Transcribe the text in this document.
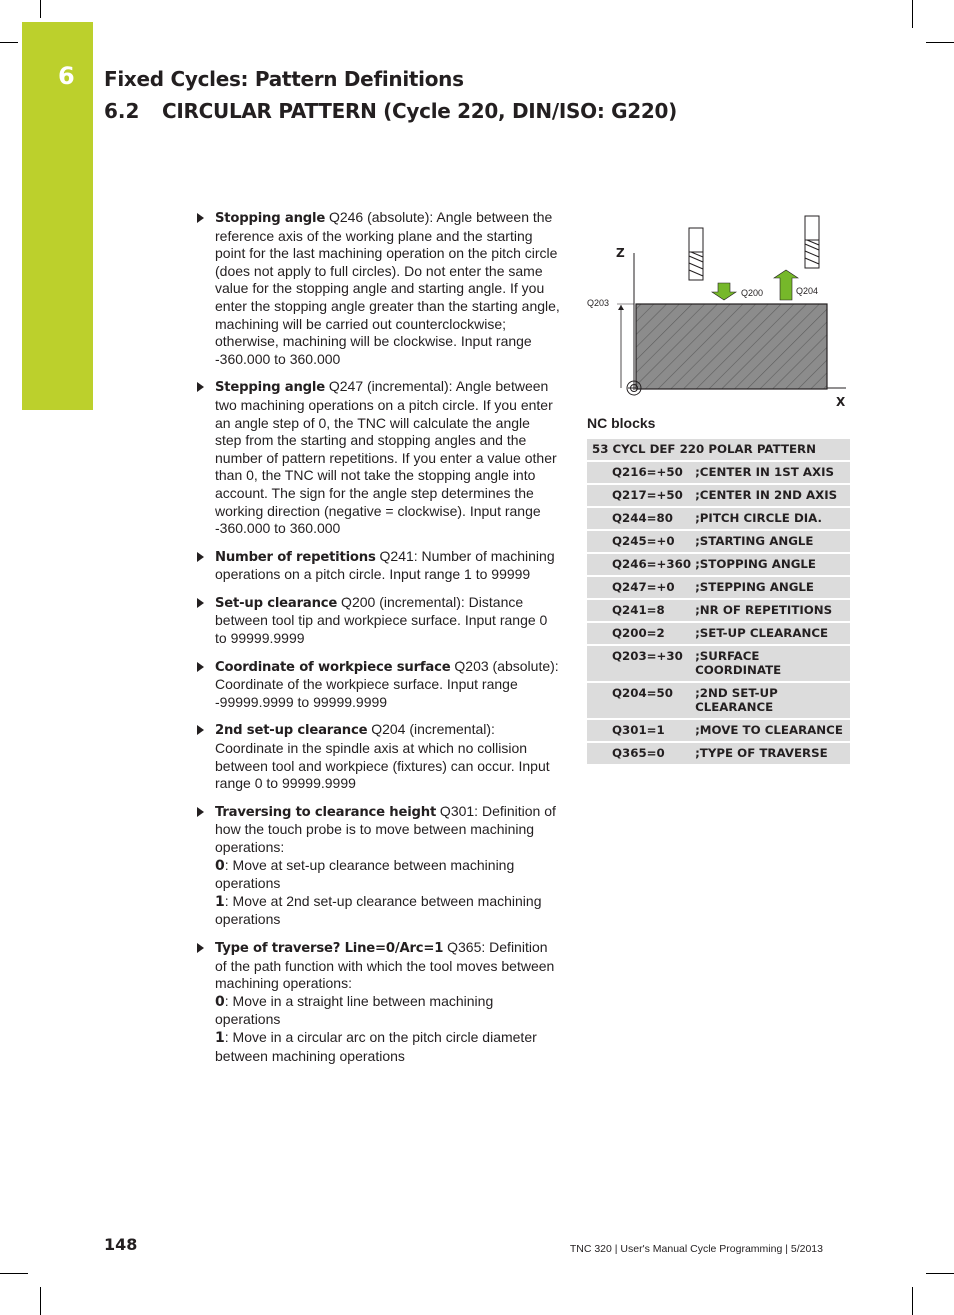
6 Fixed Cycles: Pattern Definitions
6.2 CIRCULAR PATTERN (Cycle 220, DIN/ISO: G220)
Stopping angle Q246 (absolute): Angle between the reference axis of the working plane and the starting point for the last machining operation on the pitch circle (does not apply to full circles). Do not enter the same value for the stopping angle and starting angle. If you enter the stopping angle greater than the starting angle, machining will be carried out counterclockwise; otherwise, machining will be clockwise. Input range -360.000 to 360.000
Stepping angle Q247 (incremental): Angle between two machining operations on a pitch circle. If you enter an angle step of 0, the TNC will calculate the angle step from the starting and stopping angles and the number of pattern repetitions. If you enter a value other than 0, the TNC will not take the stopping angle into account. The sign for the angle step determines the working direction (negative = clockwise). Input range -360.000 to 360.000
Number of repetitions Q241: Number of machining operations on a pitch circle. Input range 1 to 99999
Set-up clearance Q200 (incremental): Distance between tool tip and workpiece surface. Input range 0 to 99999.9999
Coordinate of workpiece surface Q203 (absolute): Coordinate of the workpiece surface. Input range -99999.9999 to 99999.9999
2nd set-up clearance Q204 (incremental): Coordinate in the spindle axis at which no collision between tool and workpiece (fixtures) can occur. Input range 0 to 99999.9999
Traversing to clearance height Q301: Definition of how the touch probe is to move between machining operations:
0: Move at set-up clearance between machining operations
1: Move at 2nd set-up clearance between machining operations
Type of traverse? Line=0/Arc=1 Q365: Definition of the path function with which the tool moves between machining operations:
0: Move in a straight line between machining operations
1: Move in a circular arc on the pitch circle diameter between machining operations
Z
X
Q203
Q200	Q204
NC blocks
53 CYCL DEF 220 POLAR PATTERN	
Q216=+50	;CENTER IN 1ST AXIS
Q217=+50	;CENTER IN 2ND AXIS
Q244=80	;PITCH CIRCLE DIA.
Q245=+0	;STARTING ANGLE
Q246=+360	;STOPPING ANGLE
Q247=+0	;STEPPING ANGLE
Q241=8	;NR OF REPETITIONS
Q200=2	;SET-UP CLEARANCE
Q203=+30	;SURFACE COORDINATE
Q204=50	;2ND SET-UP CLEARANCE
Q301=1	;MOVE TO CLEARANCE
Q365=0	;TYPE OF TRAVERSE
148	TNC 320 | User's Manual Cycle Programming | 5/2013
